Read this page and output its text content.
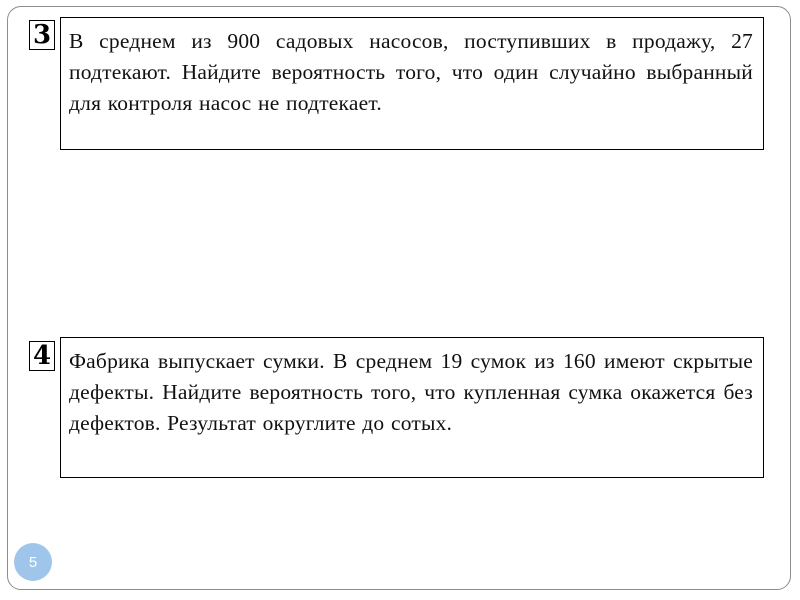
3 В среднем из 900 садовых насосов, поступивших в продажу, 27 подтекают. Найдите вероятность того, что один случайно выбранный для контроля насос не подтекает.
4 Фабрика выпускает сумки. В среднем 19 сумок из 160 имеют скрытые дефекты. Найдите вероятность того, что купленная сумка окажется без дефектов. Результат округлите до сотых.
5
